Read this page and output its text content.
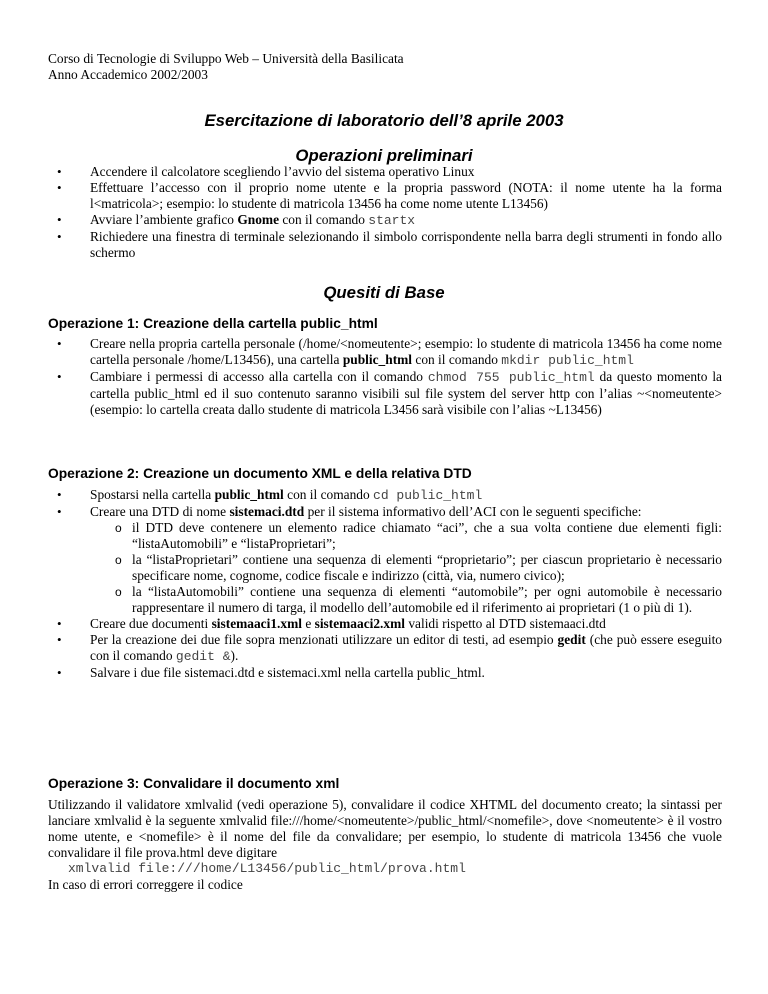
Corso di Tecnologie di Sviluppo Web – Università della Basilicata
Anno Accademico 2002/2003
Esercitazione di laboratorio dell’8 aprile 2003
Operazioni preliminari
• Accendere il calcolatore scegliendo l’avvio del sistema operativo Linux
• Effettuare l’accesso con il proprio nome utente e la propria password (NOTA: il nome utente ha la forma l<matricola>; esempio: lo studente di matricola 13456 ha come nome utente L13456)
• Avviare l’ambiente grafico Gnome con il comando startx
• Richiedere una finestra di terminale selezionando il simbolo corrispondente nella barra degli strumenti in fondo allo schermo
Quesiti di Base
Operazione 1: Creazione della cartella public_html
• Creare nella propria cartella personale (/home/<nomeutente>; esempio: lo studente di matricola 13456 ha come nome cartella personale /home/L13456), una cartella public_html con il comando mkdir public_html
• Cambiare i permessi di accesso alla cartella con il comando chmod 755 public_html da questo momento la cartella public_html ed il suo contenuto saranno visibili sul file system del server http con l’alias ~<nomeutente> (esempio: lo cartella creata dallo studente di matricola L3456 sarà visibile con l’alias ~L13456)
Operazione 2: Creazione un documento XML e della relativa DTD
• Spostarsi nella cartella public_html con il comando cd public_html
• Creare una DTD di nome sistemaci.dtd per il sistema informativo dell’ACI con le seguenti specifiche:
o il DTD deve contenere un elemento radice chiamato “aci”, che a sua volta contiene due elementi figli: “listaAutomobili” e “listaProprietari”;
o la “listaProprietari” contiene una sequenza di elementi “proprietario”; per ciascun proprietario è necessario specificare nome, cognome, codice fiscale e indirizzo (città, via, numero civico);
o la “listaAutomobili” contiene una sequenza di elementi “automobile”; per ogni automobile è necessario rappresentare il numero di targa, il modello dell’automobile ed il riferimento ai proprietari (1 o più di 1).
• Creare due documenti sistemaaci1.xml e sistemaaci2.xml validi rispetto al DTD sistemaaci.dtd
• Per la creazione dei due file sopra menzionati utilizzare un editor di testi, ad esempio gedit (che può essere eseguito con il comando gedit &).
• Salvare i due file sistemaci.dtd e sistemaci.xml nella cartella public_html.
Operazione 3: Convalidare il documento xml
Utilizzando il validatore xmlvalid (vedi operazione 5), convalidare il codice XHTML del documento creato; la sintassi per lanciare xmlvalid è la seguente xmlvalid file:///home/<nomeutente>/public_html/<nomefile>, dove <nomeutente> è il vostro nome utente, e <nomefile> è il nome del file da convalidare; per esempio, lo studente di matricola 13456 che vuole convalidare il file prova.html deve digitare
xmlvalid file:///home/L13456/public_html/prova.html
In caso di errori correggere il codice
